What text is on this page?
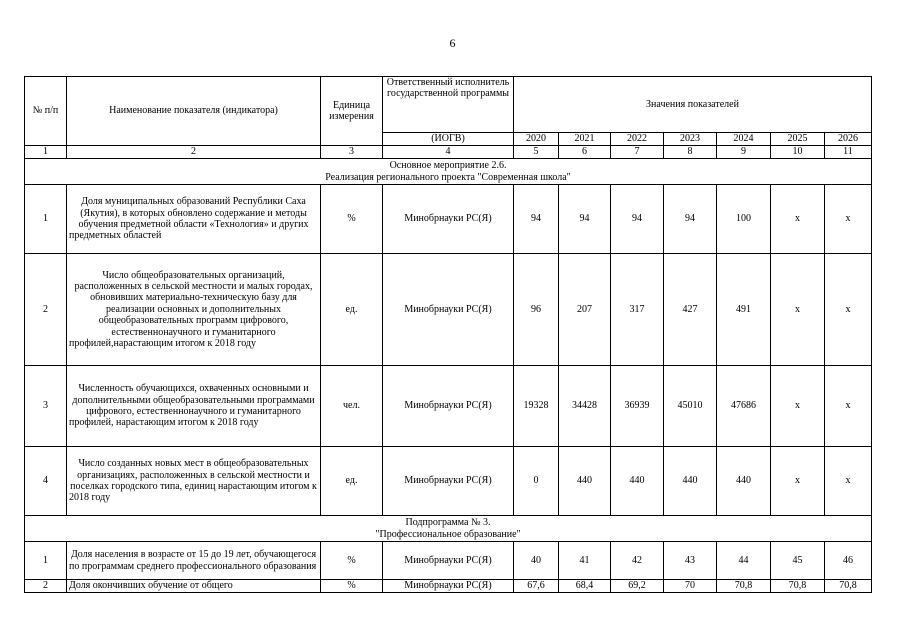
6
№ п/п	Наименование показателя (индикатора)	Единица измерения	Ответственный исполнитель государственной программы	Значения показателей						
			(ИОГВ)	2020	2021	2022	2023	2024	2025	2026
1	2	3	4	5	6	7	8	9	10	11

Основное мероприятие 2.6.
Реализация регионального проекта "Современная школа"										

1	Доля муниципальных образований Республики Саха (Якутия), в которых обновлено содержание и методы обучения предметной области «Технология» и других предметных областей	%	Минобрнауки РС(Я)	94	94	94	94	100	x	x
2	Число общеобразовательных организаций, расположенных в сельской местности и малых городах, обновивших материально-техническую базу для реализации основных и дополнительных общеобразовательных программ цифрового, естественнонаучного и гуманитарного профилей,нарастающим итогом к 2018 году	ед.	Минобрнауки РС(Я)	96	207	317	427	491	x	x
3	Численность обучающихся, охваченных основными и дополнительными общеобразовательными программами цифрового, естественнонаучного и гуманитарного профилей, нарастающим итогом к 2018 году	чел.	Минобрнауки РС(Я)	19328	34428	36939	45010	47686	x	x
4	Число созданных новых мест в общеобразовательных организациях, расположенных в сельской местности и поселках городского типа, единиц нарастающим итогом к 2018 году	ед.	Минобрнауки РС(Я)	0	440	440	440	440	x	x

Подпрограмма № 3.
"Профессиональное образование"										

1	Доля населения в возрасте от 15 до 19 лет, обучающегося по программам среднего профессионального образования	%	Минобрнауки РС(Я)	40	41	42	43	44	45	46
2	Доля окончивших обучение от общего	%	Минобрнауки РС(Я)	67,6	68,4	69,2	70	70,8	70,8	70,8
